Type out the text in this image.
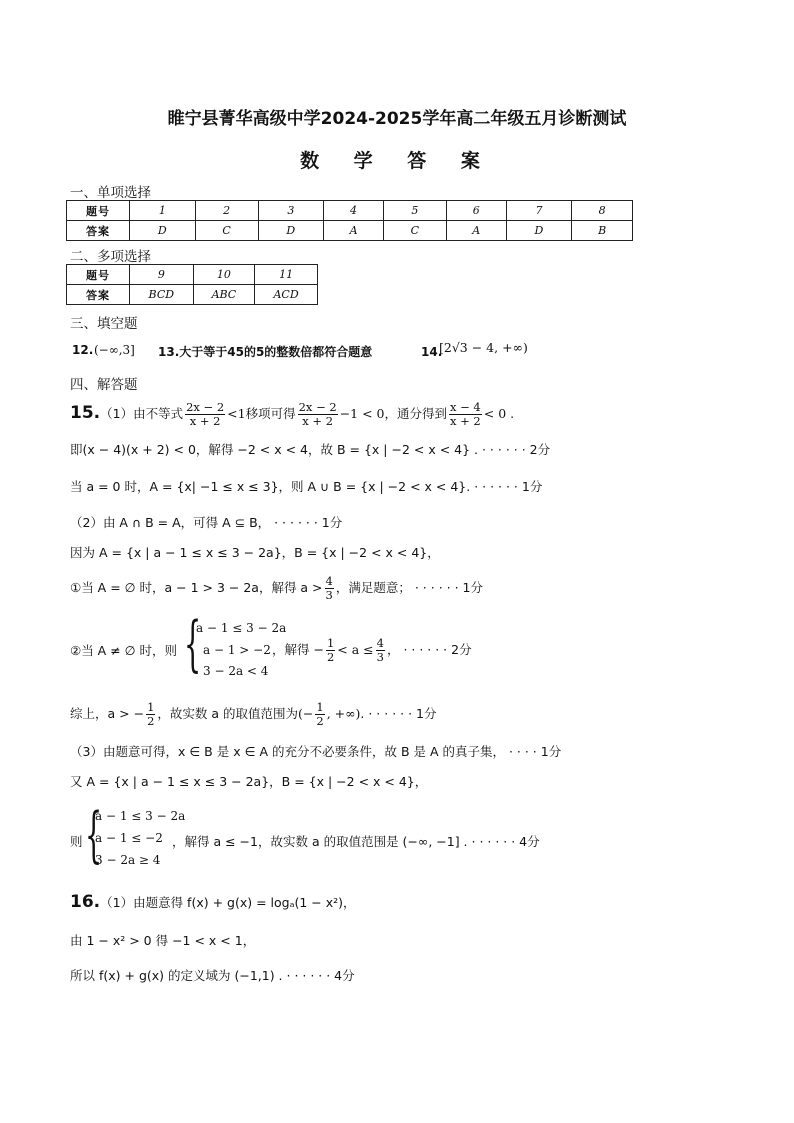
睢宁县菁华高级中学2024-2025学年高二年级五月诊断测试
数 学 答 案
一、单项选择
题号	1	2	3	4	5	6	7	8
答案	D	C	D	A	C	A	D	B
二、多项选择
题号	9	10	11
答案	BCD	ABC	ACD
三、填空题
12. (−∞,3] 13.大于等于45的5的整数倍都符合题意	14.
[2√3 − 4, +∞)
四、解答题
15.（1）由不等式 $\frac{2x - 2}{x + 2} <1$移项可得 $\frac{2x - 2}{x + 2} -1 < 0$，通分得到 $\frac{x - 4}{x + 2} < 0$ .
即(x − 4)(x + 2) < 0，解得 −2 < x < 4，故 B = {x | −2 < x < 4} . · · · · · · 2分
当 a = 0 时，A = {x| −1 ≤ x ≤ 3}，则 A ∪ B = {x | −2 < x < 4}. · · · · · · 1分
（2）由 A ∩ B = A，可得 A ⊆ B， · · · · · · 1分
因为 A = {x | a − 1 ≤ x ≤ 3 − 2a}，B = {x | −2 < x < 4}，
①当 A = ∅ 时，a − 1 > 3 − 2a，解得 $a > \frac{4}{3}$ ，满足题意； · · · · · · 1分
②当 A ≠ ∅ 时，则 {
a − 1 ≤ 3 − 2a
a − 1 > −2
3 − 2a < 4
，解得 − $\frac{1}{2} < a \le \frac{4}{3}$ ， · · · · · · 2分
综上，a > − $\frac{1}{2}$ ，故实数 a 的取值范围为(− $\frac{1}{2}$ , +∞). · · · · · · 1分
（3）由题意可得，x ∈ B 是 x ∈ A 的充分不必要条件，故 B 是 A 的真子集， · · · · 1分
又 A = {x | a − 1 ≤ x ≤ 3 − 2a}，B = {x | −2 < x < 4}，
则 {
a − 1 ≤ 3 − 2a
a − 1 ≤ −2
3 − 2a ≥ 4
，解得 a ≤ −1，故实数 a 的取值范围是 (−∞, −1] . · · · · · · 4分
16.（1）由题意得 f(x) + g(x) = logₐ(1 − x²)，
由 1 − x² > 0 得 −1 < x < 1，
所以 f(x) + g(x) 的定义域为 (−1,1) . · · · · · · 4分
